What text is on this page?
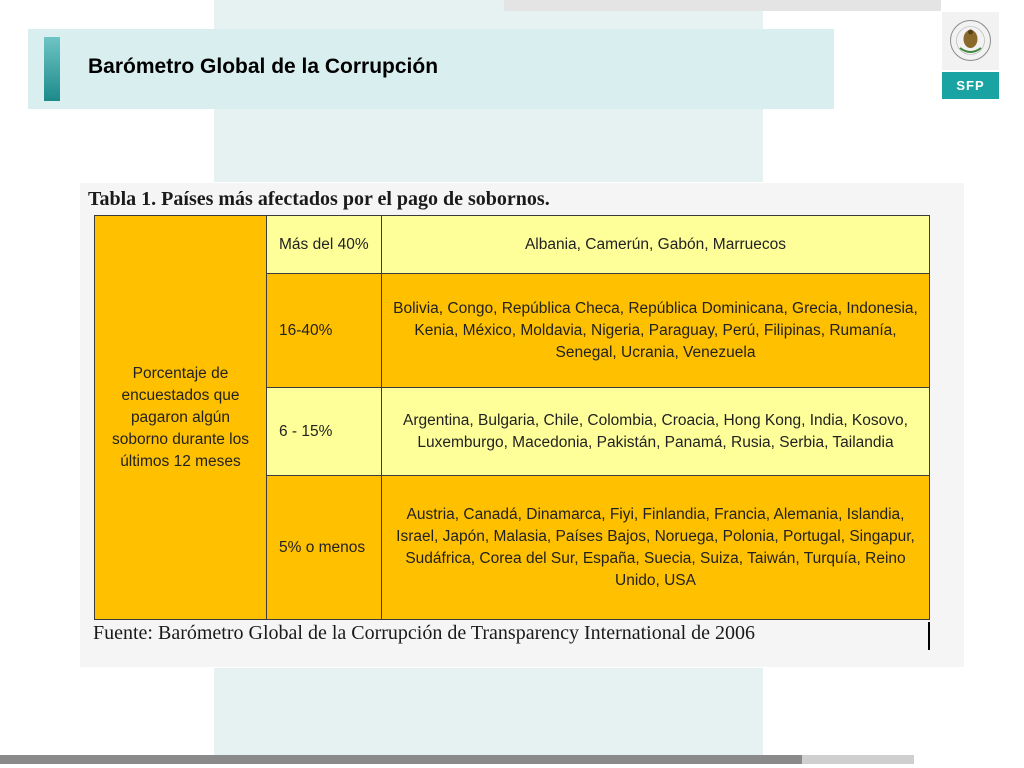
Barómetro Global de la Corrupción
SFP
Tabla 1. Países más afectados por el pago de sobornos.
Porcentaje de encuestados que pagaron algún soborno durante los últimos 12 meses	Más del 40%	Albania, Camerún, Gabón, Marruecos
	16-40%	Bolivia, Congo, República Checa, República Dominicana, Grecia, Indonesia, Kenia, México, Moldavia, Nigeria, Paraguay, Perú, Filipinas, Rumanía, Senegal, Ucrania, Venezuela
	6 - 15%	Argentina, Bulgaria, Chile, Colombia, Croacia, Hong Kong, India, Kosovo, Luxemburgo, Macedonia, Pakistán, Panamá, Rusia, Serbia, Tailandia
	5% o menos	Austria, Canadá, Dinamarca, Fiyi, Finlandia, Francia, Alemania, Islandia, Israel, Japón, Malasia, Países Bajos, Noruega, Polonia, Portugal, Singapur, Sudáfrica, Corea del Sur, España, Suecia, Suiza, Taiwán, Turquía, Reino Unido, USA
Fuente: Barómetro Global de la Corrupción de Transparency International de 2006
